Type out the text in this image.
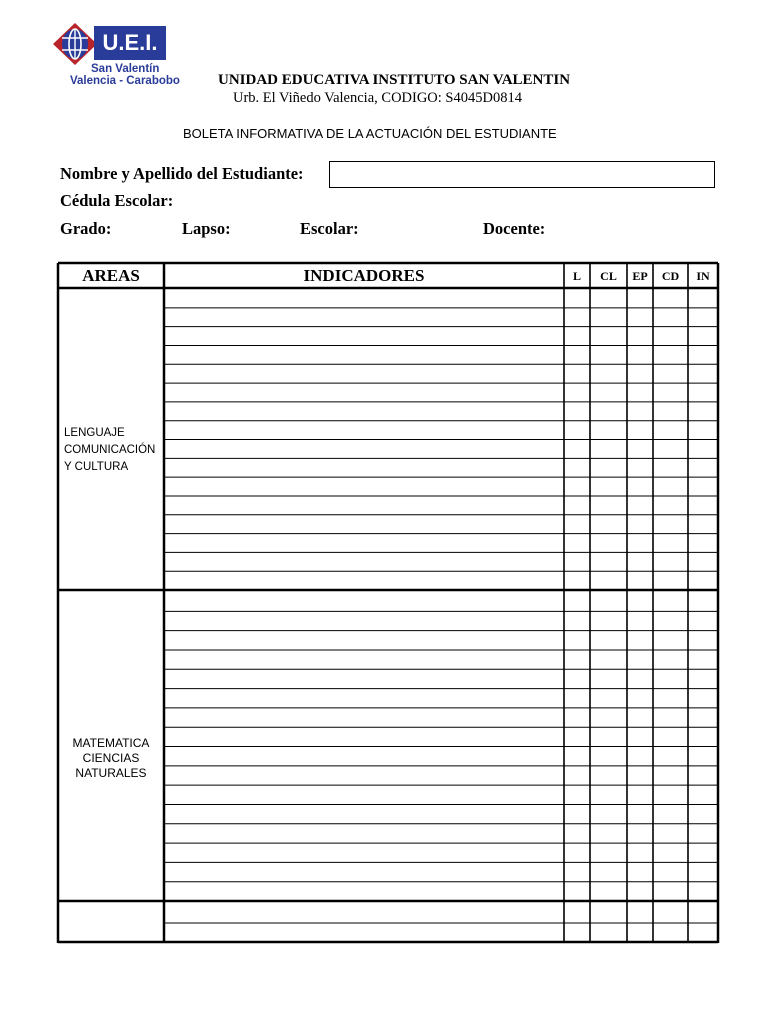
U.E.I.
San Valentín
Valencia - Carabobo	UNIDAD EDUCATIVA INSTITUTO SAN VALENTIN
Urb. El Viñedo Valencia, CODIGO: S4045D0814
BOLETA INFORMATIVA DE LA ACTUACIÓN DEL ESTUDIANTE
Nombre y Apellido del Estudiante:
Cédula Escolar:
Grado:	Lapso:	Escolar:	Docente:
AREAS	INDICADORES	L	CL	EP	CD	IN
LENGUAJE
COMUNICACIÓN
Y CULTURA
MATEMATICA
CIENCIAS
NATURALES
